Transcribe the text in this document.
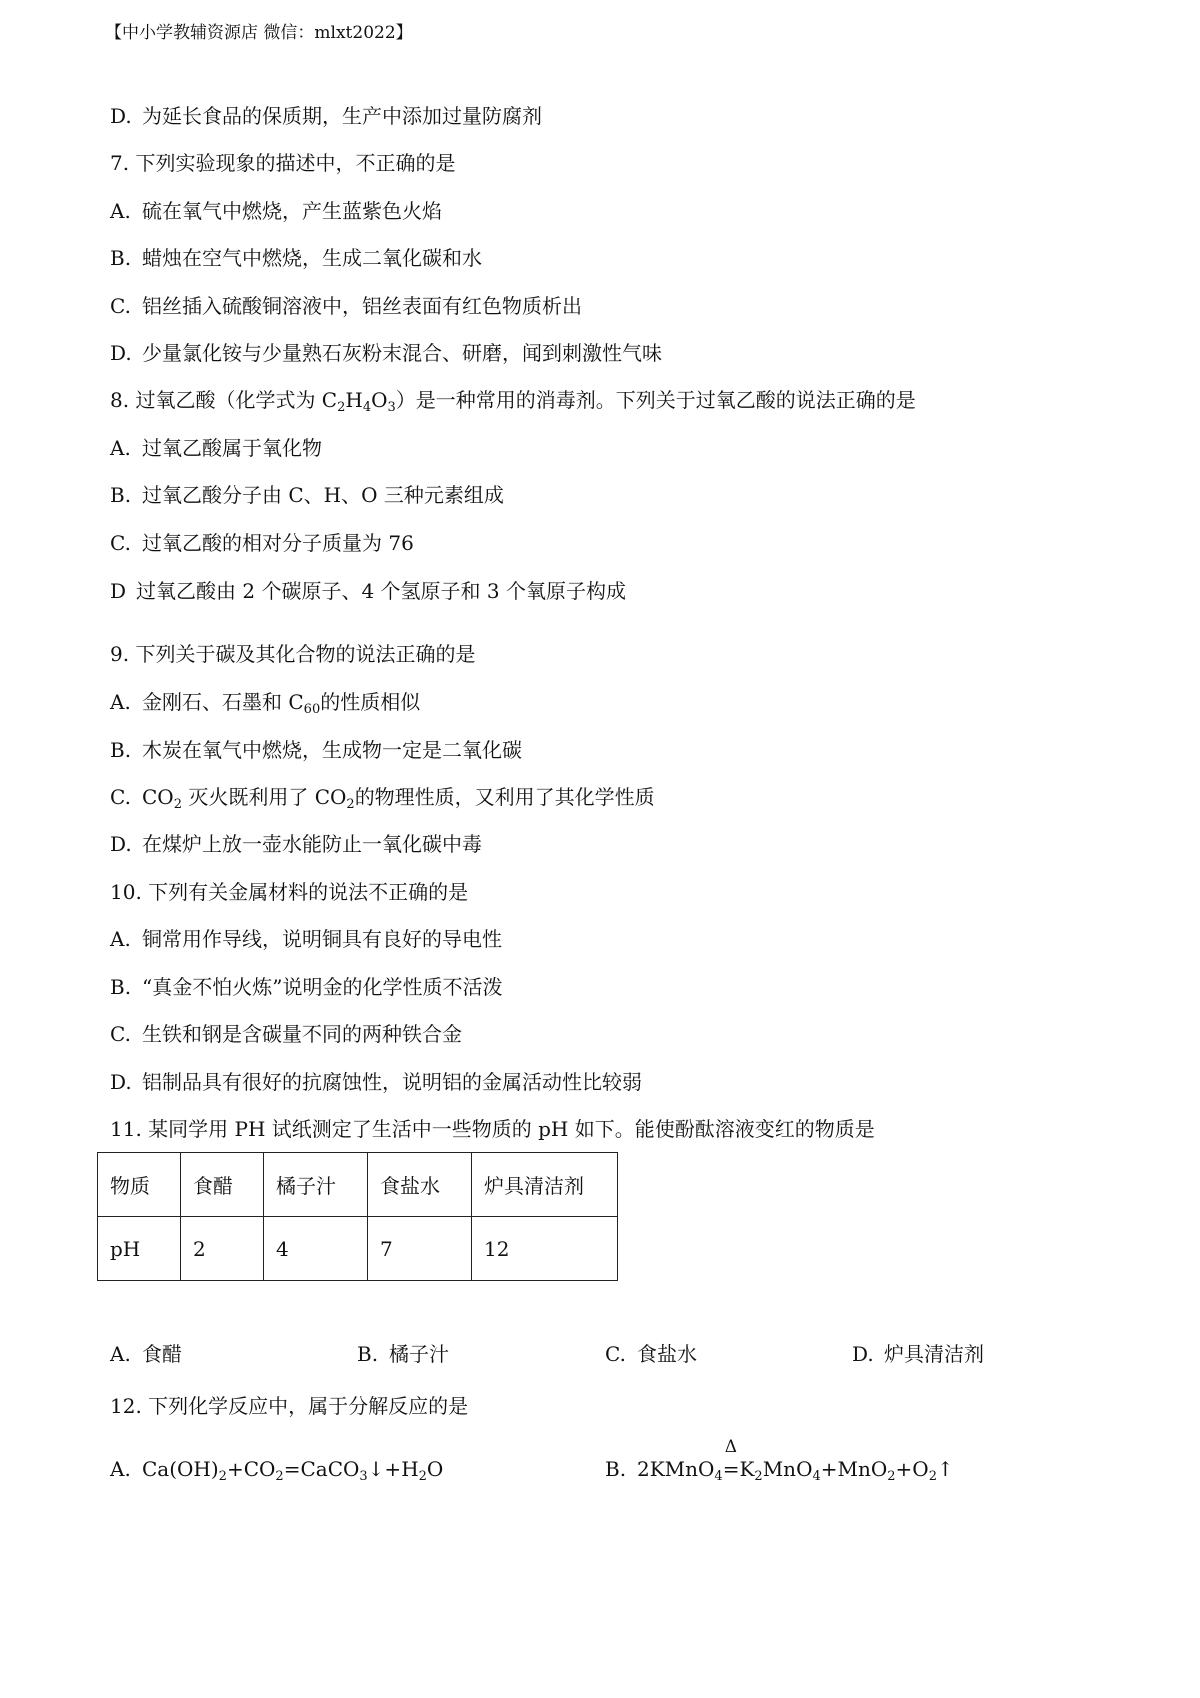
【中小学教辅资源店 微信：mlxt2022】
D. 为延长食品的保质期，生产中添加过量防腐剂
7. 下列实验现象的描述中，不正确的是
A. 硫在氧气中燃烧，产生蓝紫色火焰
B. 蜡烛在空气中燃烧，生成二氧化碳和水
C. 铝丝插入硫酸铜溶液中，铝丝表面有红色物质析出
D. 少量氯化铵与少量熟石灰粉末混合、研磨，闻到刺激性气味
8. 过氧乙酸（化学式为 $C_2H_4O_3$）是一种常用的消毒剂。下列关于过氧乙酸的说法正确的是
A. 过氧乙酸属于氧化物
B. 过氧乙酸分子由 C、H、O 三种元素组成
C. 过氧乙酸的相对分子质量为 76
D 过氧乙酸由 2 个碳原子、4 个氢原子和 3 个氧原子构成
9. 下列关于碳及其化合物的说法正确的是
A. 金刚石、石墨和 $C_{60}$的性质相似
B. 木炭在氧气中燃烧，生成物一定是二氧化碳
C. $CO_2$ 灭火既利用了 $CO_2$的物理性质，又利用了其化学性质
D. 在煤炉上放一壶水能防止一氧化碳中毒
10. 下列有关金属材料的说法不正确的是
A. 铜常用作导线，说明铜具有良好的导电性
B. “真金不怕火炼”说明金的化学性质不活泼
C. 生铁和钢是含碳量不同的两种铁合金
D. 铝制品具有很好的抗腐蚀性，说明铝的金属活动性比较弱
11. 某同学用 PH 试纸测定了生活中一些物质的 pH 如下。能使酚酞溶液变红的物质是
物质	食醋	橘子汁	食盐水	炉具清洁剂
pH	2	4	7	12
A. 食醋	B. 橘子汁	C. 食盐水	D. 炉具清洁剂
12. 下列化学反应中，属于分解反应的是
A. $Ca(OH)_2+CO_2=CaCO_3↓+H_2O$	B. 2KMnO$_4$
Δ
$=K_2MnO_4+MnO_2+O_2↑$
